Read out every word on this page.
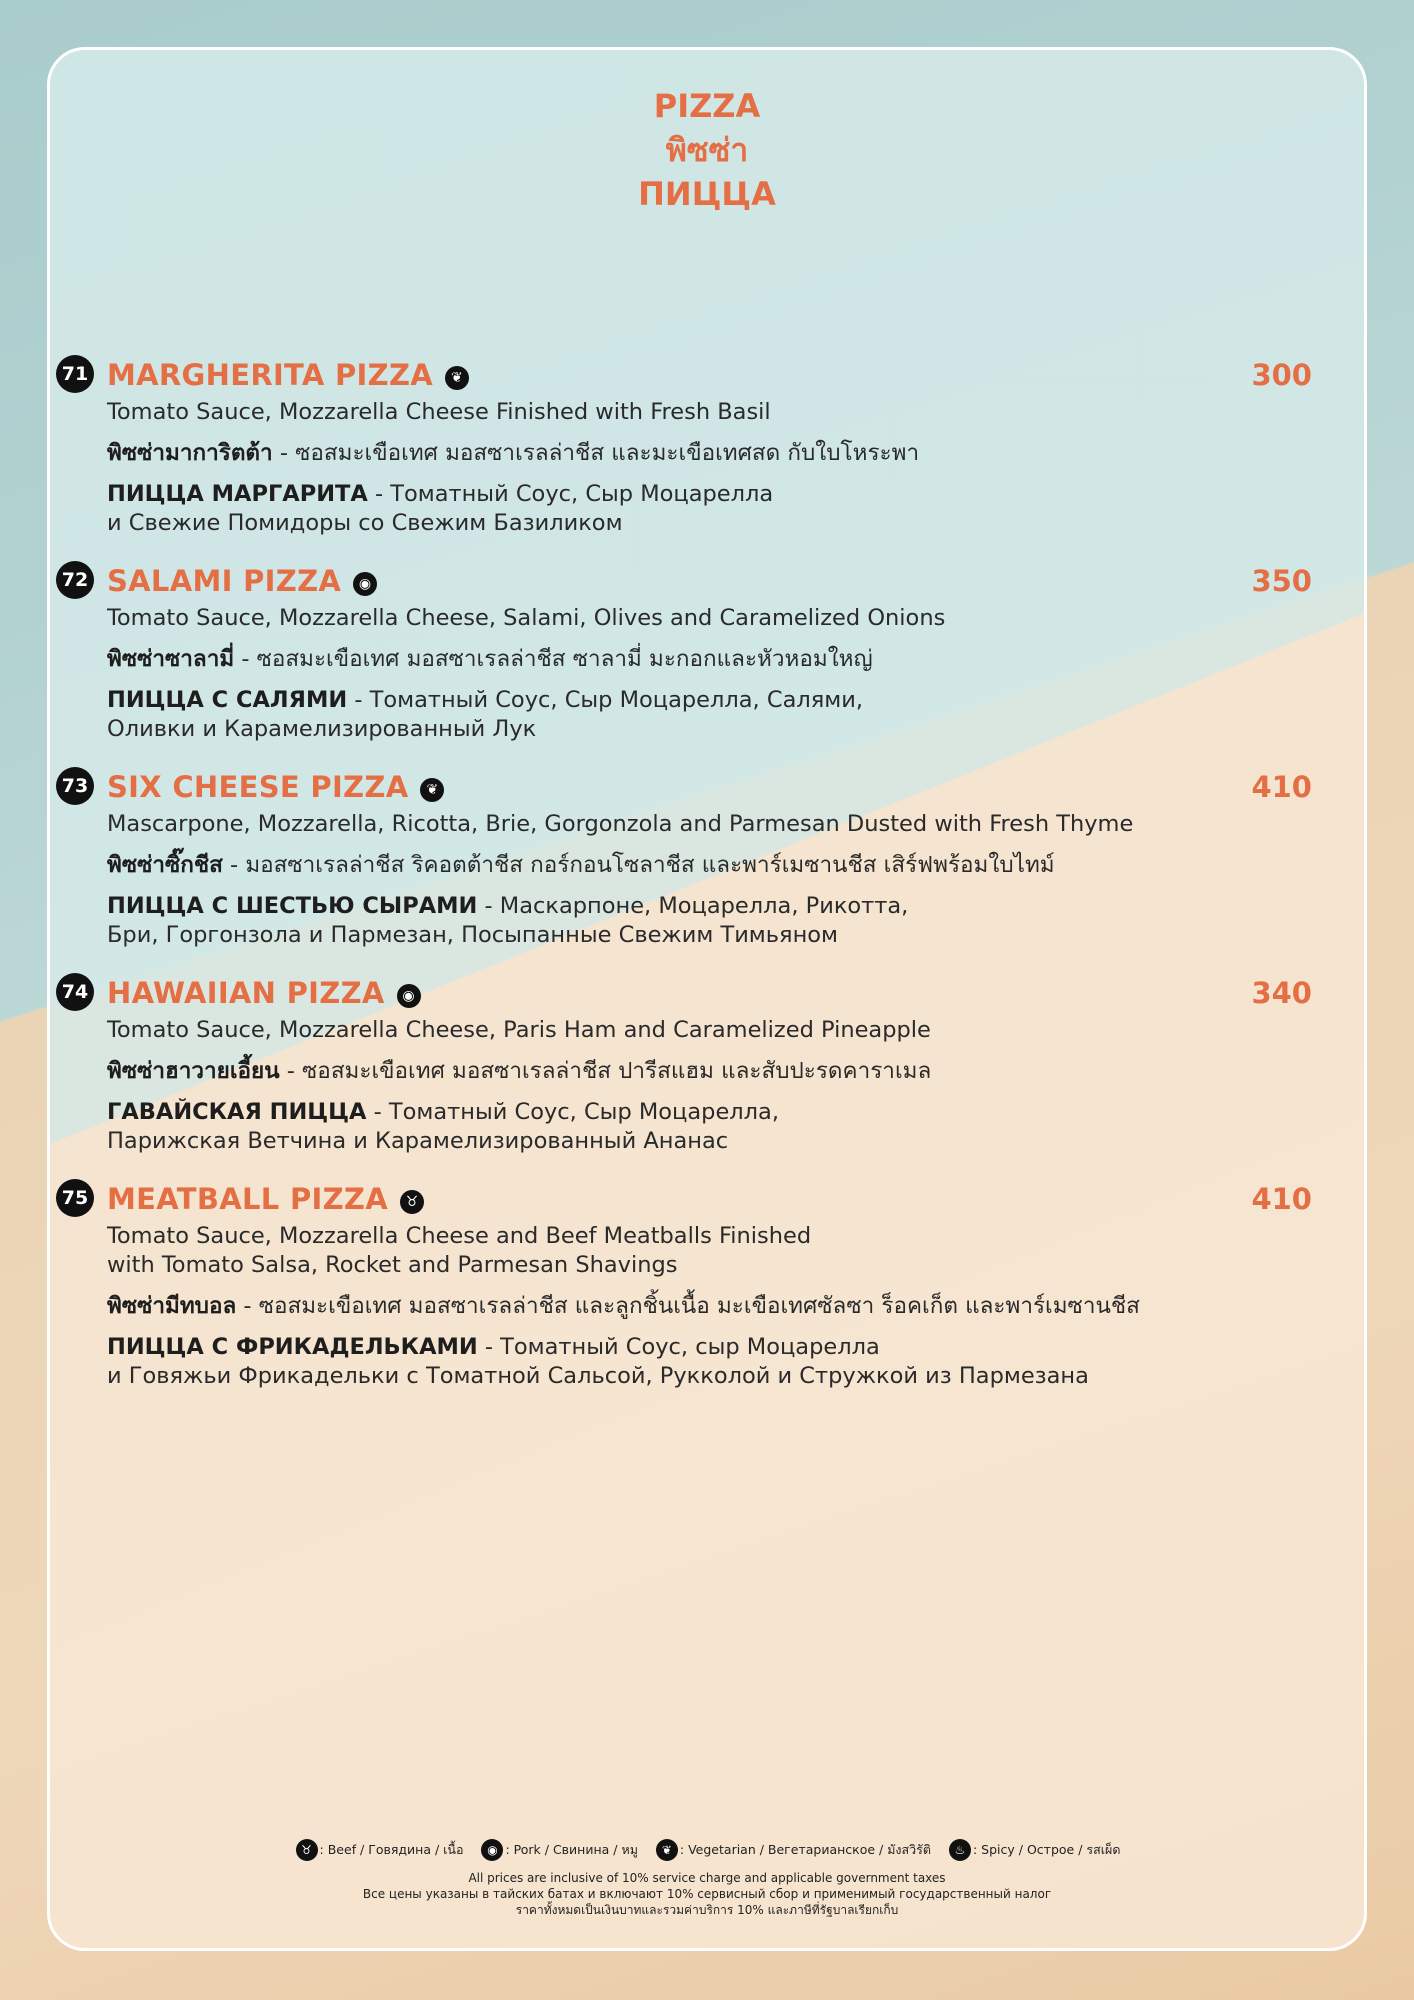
PIZZA
พิซซ่า
ПИЦЦА
71 MARGHERITA PIZZA ❦	300
Tomato Sauce, Mozzarella Cheese Finished with Fresh Basil
พิซซ่ามาการิตต้า - ซอสมะเขือเทศ มอสซาเรลล่าชีส และมะเขือเทศสด กับใบโหระพา
ПИЦЦА МАРГАРИТА - Томатный Соус, Сыр Моцарелла
и Свежие Помидоры со Свежим Базиликом
72 SALAMI PIZZA ◉	350
Tomato Sauce, Mozzarella Cheese, Salami, Olives and Caramelized Onions
พิซซ่าซาลามี่ - ซอสมะเขือเทศ มอสซาเรลล่าชีส ซาลามี่ มะกอกและหัวหอมใหญ่
ПИЦЦА С САЛЯМИ - Томатный Соус, Сыр Моцарелла, Салями,
Оливки и Карамелизированный Лук
73 SIX CHEESE PIZZA ❦	410
Mascarpone, Mozzarella, Ricotta, Brie, Gorgonzola and Parmesan Dusted with Fresh Thyme
พิซซ่าซิ๊กชีส - มอสซาเรลล่าชีส ริคอตต้าชีส กอร์กอนโซลาชีส และพาร์เมซานชีส เสิร์ฟพร้อมใบไทม์
ПИЦЦА С ШЕСТЬЮ СЫРАМИ - Маскарпоне, Моцарелла, Рикотта,
Бри, Горгонзола и Пармезан, Посыпанные Свежим Тимьяном
74 HAWAIIAN PIZZA ◉	340
Tomato Sauce, Mozzarella Cheese, Paris Ham and Caramelized Pineapple
พิซซ่าฮาวายเอี้ยน - ซอสมะเขือเทศ มอสซาเรลล่าชีส ปารีสแฮม และสับปะรดคาราเมล
ГАВАЙСКАЯ ПИЦЦА - Томатный Соус, Сыр Моцарелла,
Парижская Ветчина и Карамелизированный Ананас
75 MEATBALL PIZZA ♉	410
Tomato Sauce, Mozzarella Cheese and Beef Meatballs Finished
with Tomato Salsa, Rocket and Parmesan Shavings
พิซซ่ามีทบอล - ซอสมะเขือเทศ มอสซาเรลล่าชีส และลูกชิ้นเนื้อ มะเขือเทศซัลซา ร็อคเก็ต และพาร์เมซานชีส
ПИЦЦА С ФРИКАДЕЛЬКАМИ - Томатный Соус, сыр Моцарелла
и Говяжьи Фрикадельки с Томатной Сальсой, Рукколой и Стружкой из Пармезана
♉ : Beef / Говядина / เนื้อ ◉ : Pork / Свинина / หมู ❦ : Vegetarian / Вегетарианское / มังสวิรัติ ♨ : Spicy / Острое / รสเผ็ด
All prices are inclusive of 10% service charge and applicable government taxes
Все цены указаны в тайских батах и включают 10% сервисный сбор и применимый государственный налог
ราคาทั้งหมดเป็นเงินบาทและรวมค่าบริการ 10% และภาษีที่รัฐบาลเรียกเก็บ
